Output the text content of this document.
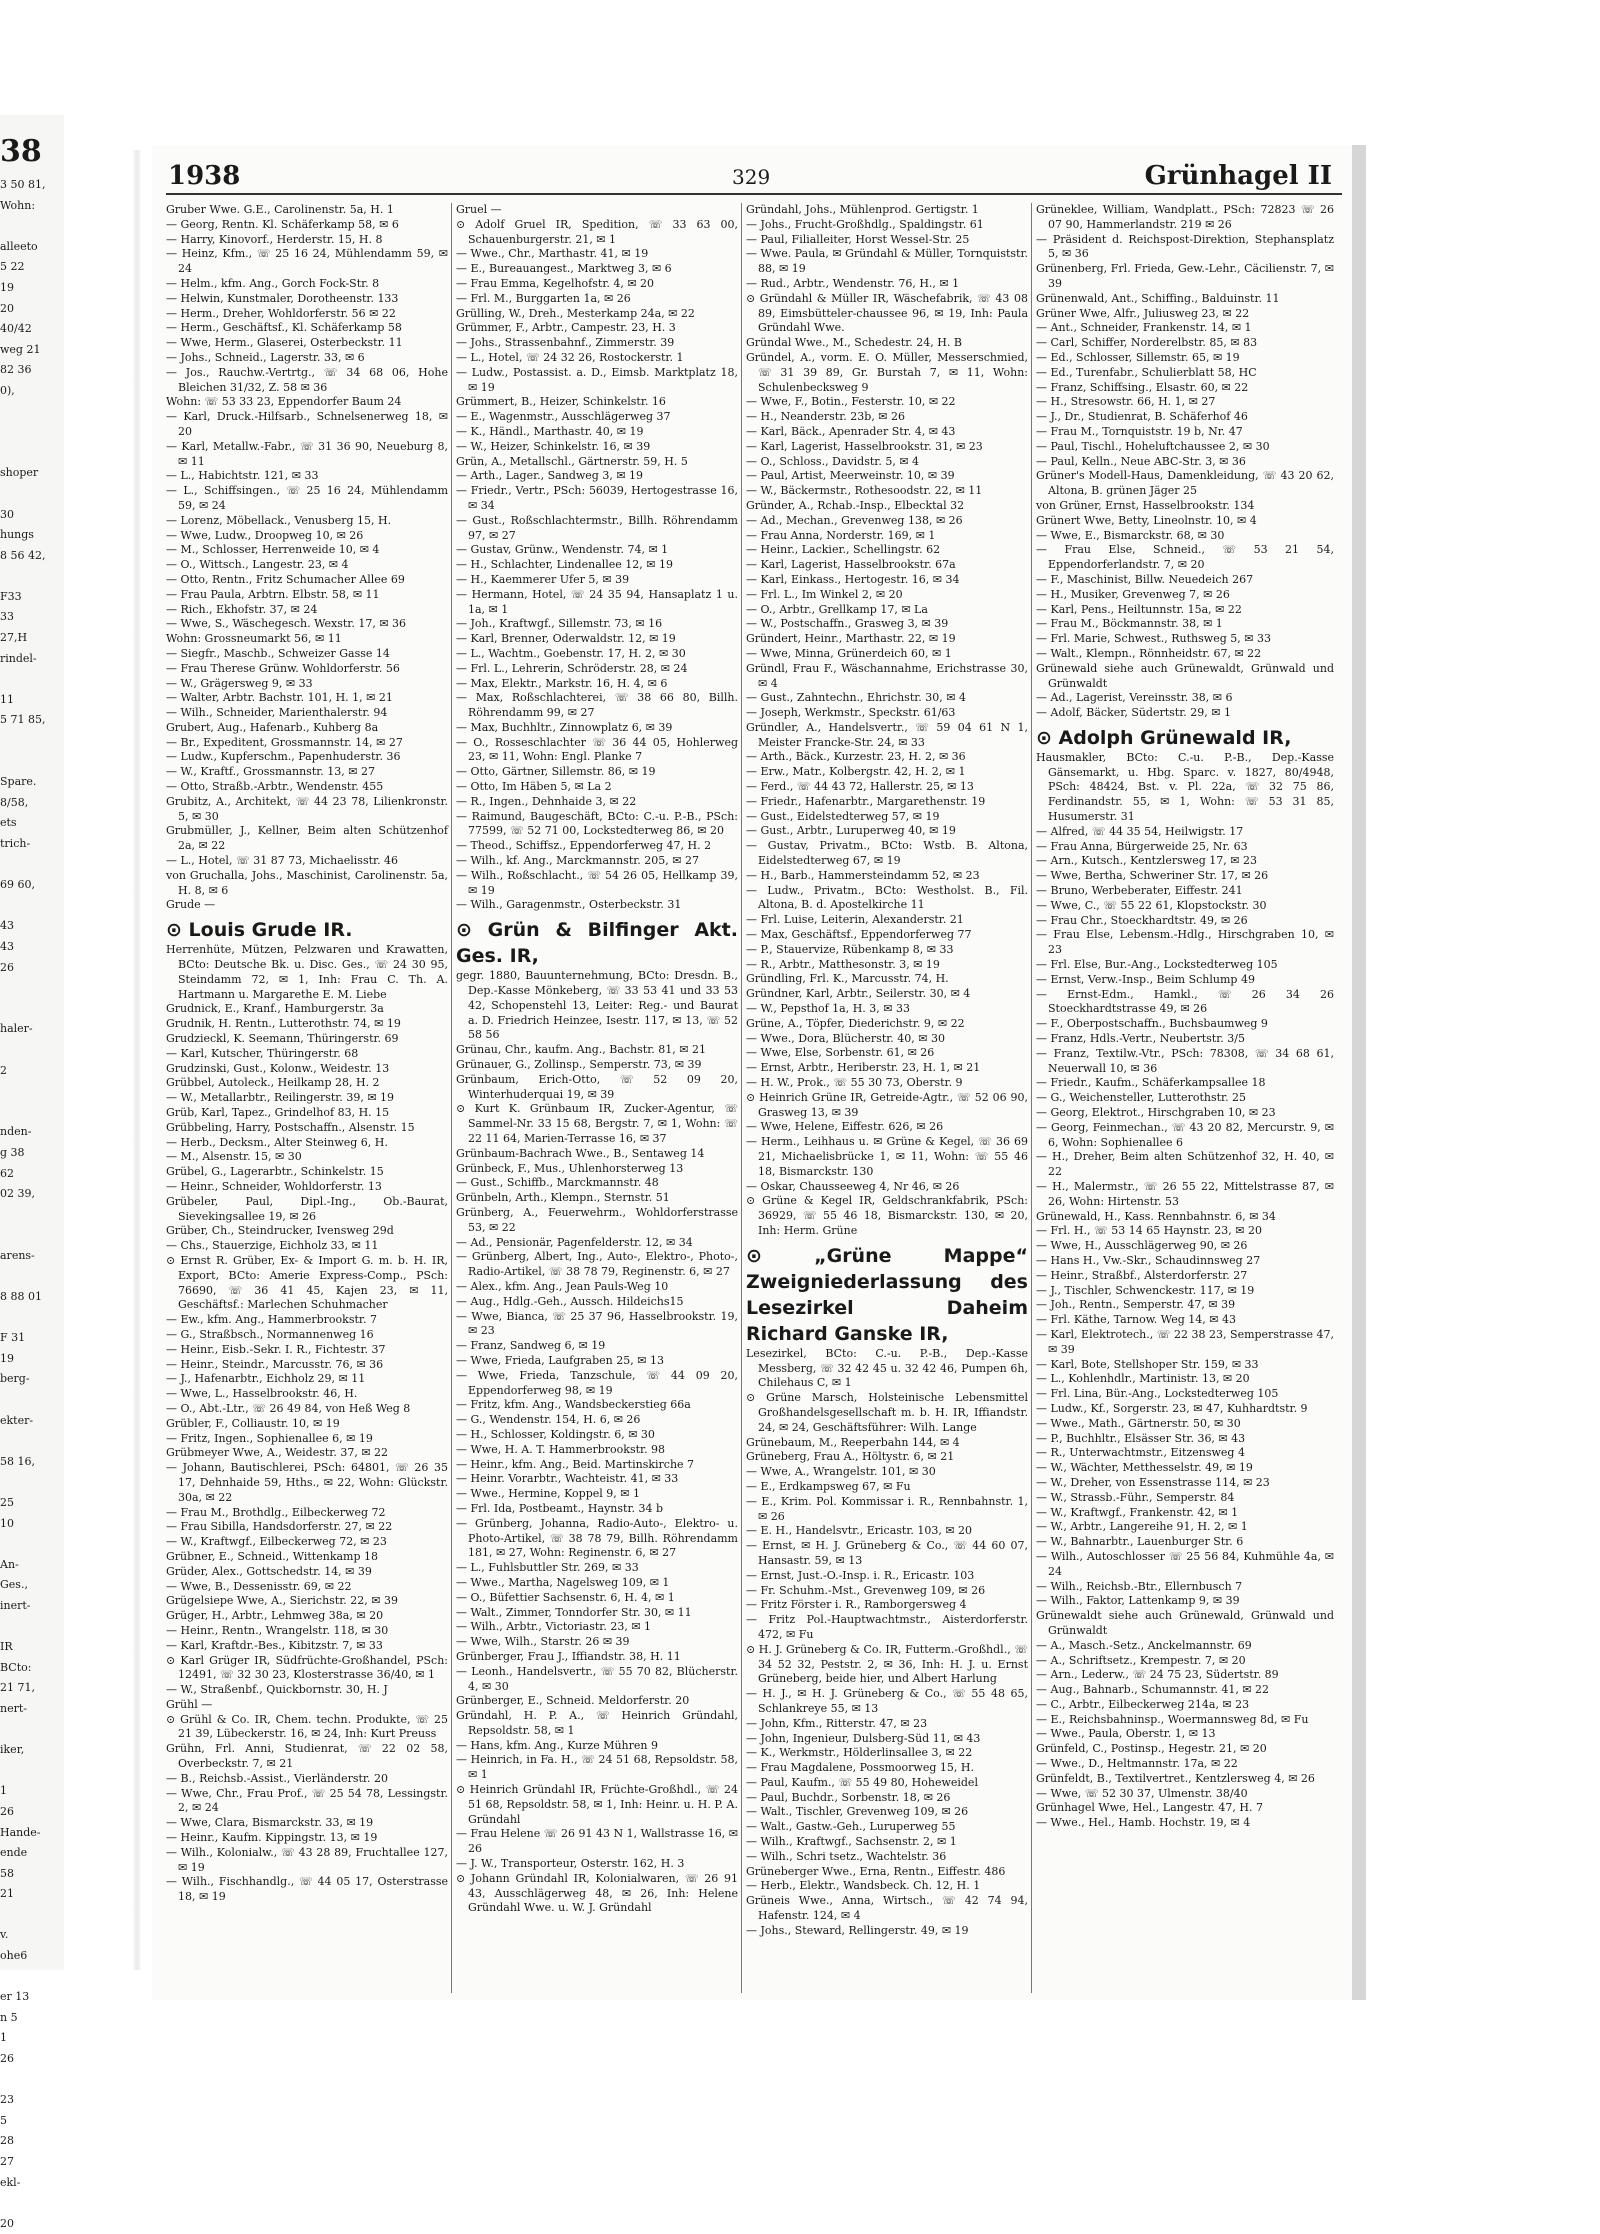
38
3 50 81,
Wohn:

alleeto
5 22
19
20
40/42
weg 21
82 36
0),

shoper

30
hungs
8 56 42,

F33
33
27,H
rindel-

11
5 71 85,

Spare.
8/58,
ets
trich-

69 60,

43
43
26

haler-

2

nden-
g 38
62
02 39,

arens-

8 88 01

F 31
19
berg-

ekter-

58 16,

25
10

An-
Ges.,
inert-

IR
BCto:
21 71,
nert-

iker,

1
26
Hande-
ende
58
21

v.
ohe6

er 13
n 5
1
26

23
5
28
27
ekl-

20
1938	329	Grünhagel II

Gruber Wwe. G.E., Carolinenstr. 5a, H. 1

— Georg, Rentn. Kl. Schäferkamp 58, ✉ 6

— Harry, Kinovorf., Herderstr. 15, H. 8

— Heinz, Kfm., ☏ 25 16 24, Mühlendamm 59, ✉ 24

— Helm., kfm. Ang., Gorch Fock-Str. 8

— Helwin, Kunstmaler, Dorotheenstr. 133

— Herm., Dreher, Wohldorferstr. 56 ✉ 22

— Herm., Geschäftsf., Kl. Schäferkamp 58

— Wwe, Herm., Glaserei, Osterbeckstr. 11

— Johs., Schneid., Lagerstr. 33, ✉ 6

— Jos., Rauchw.-Vertrtg., ☏ 34 68 06, Hohe Bleichen 31/32, Z. 58 ✉ 36

Wohn: ☏ 53 33 23, Eppendorfer Baum 24

— Karl, Druck.-Hilfsarb., Schnelsenerweg 18, ✉ 20

— Karl, Metallw.-Fabr., ☏ 31 36 90, Neueburg 8, ✉ 11

— L., Habichtstr. 121, ✉ 33

— L., Schiffsingen., ☏ 25 16 24, Mühlendamm 59, ✉ 24

— Lorenz, Möbellack., Venusberg 15, H.

— Wwe, Ludw., Droopweg 10, ✉ 26

— M., Schlosser, Herrenweide 10, ✉ 4

— O., Wittsch., Langestr. 23, ✉ 4

— Otto, Rentn., Fritz Schumacher Allee 69

— Frau Paula, Arbtrn. Elbstr. 58, ✉ 11

— Rich., Ekhofstr. 37, ✉ 24

— Wwe, S., Wäschegesch. Wexstr. 17, ✉ 36

Wohn: Grossneumarkt 56, ✉ 11

— Siegfr., Maschb., Schweizer Gasse 14

— Frau Therese Grünw. Wohldorferstr. 56

— W., Grägersweg 9, ✉ 33

— Walter, Arbtr. Bachstr. 101, H. 1, ✉ 21

— Wilh., Schneider, Marienthalerstr. 94

Grubert, Aug., Hafenarb., Kuhberg 8a

— Br., Expeditent, Grossmannstr. 14, ✉ 27

— Ludw., Kupferschm., Papenhuderstr. 36

— W., Kraftf., Grossmannstr. 13, ✉ 27

— Otto, Straßb.-Arbtr., Wendenstr. 455

Grubitz, A., Architekt, ☏ 44 23 78, Lilienkronstr. 5, ✉ 30

Grubmüller, J., Kellner, Beim alten Schützenhof 2a, ✉ 22

— L., Hotel, ☏ 31 87 73, Michaelisstr. 46

von Gruchalla, Johs., Maschinist, Carolinenstr. 5a, H. 8, ✉ 6

Grude —

⊙ Louis Grude IR.

Herrenhüte, Mützen, Pelzwaren und Krawatten, BCto: Deutsche Bk. u. Disc. Ges., ☏ 24 30 95, Steindamm 72, ✉ 1, Inh: Frau C. Th. A. Hartmann u. Margarethe E. M. Liebe

Grudnick, E., Kranf., Hamburgerstr. 3a

Grudnik, H. Rentn., Lutterothstr. 74, ✉ 19

Grudzieckl, K. Seemann, Thüringerstr. 69

— Karl, Kutscher, Thüringerstr. 68

Grudzinski, Gust., Kolonw., Weidestr. 13

Grübbel, Autoleck., Heilkamp 28, H. 2

— W., Metallarbtr., Reilingerstr. 39, ✉ 19

Grüb, Karl, Tapez., Grindelhof 83, H. 15

Grübbeling, Harry, Postschaffn., Alsenstr. 15

— Herb., Decksm., Alter Steinweg 6, H.

— M., Alsenstr. 15, ✉ 30

Grübel, G., Lagerarbtr., Schinkelstr. 15

— Heinr., Schneider, Wohldorferstr. 13

Grübeler, Paul, Dipl.-Ing., Ob.-Baurat, Sievekingsallee 19, ✉ 26

Grüber, Ch., Steindrucker, Ivensweg 29d

— Chs., Stauerzige, Eichholz 33, ✉ 11

⊙ Ernst R. Grüber, Ex- & Import G. m. b. H. IR, Export, BCto: Amerie Express-Comp., PSch: 76690, ☏ 36 41 45, Kajen 23, ✉ 11, Geschäftsf.: Marlechen Schuhmacher

— Ew., kfm. Ang., Hammerbrookstr. 7

— G., Straßbsch., Normannenweg 16

— Heinr., Eisb.-Sekr. I. R., Fichtestr. 37

— Heinr., Steindr., Marcusstr. 76, ✉ 36

— J., Hafenarbtr., Eichholz 29, ✉ 11

— Wwe, L., Hasselbrookstr. 46, H.

— O., Abt.-Ltr., ☏ 26 49 84, von Heß Weg 8

Grübler, F., Colliaustr. 10, ✉ 19

— Fritz, Ingen., Sophienallee 6, ✉ 19

Grübmeyer Wwe, A., Weidestr. 37, ✉ 22

— Johann, Bautischlerei, PSch: 64801, ☏ 26 35 17, Dehnhaide 59, Hths., ✉ 22, Wohn: Glückstr. 30a, ✉ 22

— Frau M., Brothdlg., Eilbeckerweg 72

— Frau Sibilla, Handsdorferstr. 27, ✉ 22

— W., Kraftwgf., Eilbeckerweg 72, ✉ 23

Grübner, E., Schneid., Wittenkamp 18

Grüder, Alex., Gottschedstr. 14, ✉ 39

— Wwe, B., Dessenisstr. 69, ✉ 22

Grügelsiepe Wwe, A., Sierichstr. 22, ✉ 39

Grüger, H., Arbtr., Lehmweg 38a, ✉ 20

— Heinr., Rentn., Wrangelstr. 118, ✉ 30

— Karl, Kraftdr.-Bes., Kibitzstr. 7, ✉ 33

⊙ Karl Grüger IR, Südfrüchte-Großhandel, PSch: 12491, ☏ 32 30 23, Klosterstrasse 36/40, ✉ 1

— W., Straßenbf., Quickbornstr. 30, H. J

Grühl —

⊙ Grühl & Co. IR, Chem. techn. Produkte, ☏ 25 21 39, Lübeckerstr. 16, ✉ 24, Inh: Kurt Preuss

Grühn, Frl. Anni, Studienrat, ☏ 22 02 58, Overbeckstr. 7, ✉ 21

— B., Reichsb.-Assist., Vierländerstr. 20

— Wwe, Chr., Frau Prof., ☏ 25 54 78, Lessingstr. 2, ✉ 24

— Wwe, Clara, Bismarckstr. 33, ✉ 19

— Heinr., Kaufm. Kippingstr. 13, ✉ 19

— Wilh., Kolonialw., ☏ 43 28 89, Fruchtallee 127, ✉ 19

— Wilh., Fischhandlg., ☏ 44 05 17, Osterstrasse 18, ✉ 19

Gruel —

⊙ Adolf Gruel IR, Spedition, ☏ 33 63 00, Schauenburgerstr. 21, ✉ 1

— Wwe., Chr., Marthastr. 41, ✉ 19

— E., Bureauangest., Marktweg 3, ✉ 6

— Frau Emma, Kegelhofstr. 4, ✉ 20

— Frl. M., Burggarten 1a, ✉ 26

Grülling, W., Dreh., Mesterkamp 24a, ✉ 22

Grümmer, F., Arbtr., Campestr. 23, H. 3

— Johs., Strassenbahnf., Zimmerstr. 39

— L., Hotel, ☏ 24 32 26, Rostockerstr. 1

— Ludw., Postassist. a. D., Eimsb. Marktplatz 18, ✉ 19

Grümmert, B., Heizer, Schinkelstr. 16

— E., Wagenmstr., Ausschlägerweg 37

— K., Händl., Marthastr. 40, ✉ 19

— W., Heizer, Schinkelstr. 16, ✉ 39

Grün, A., Metallschl., Gärtnerstr. 59, H. 5

— Arth., Lager., Sandweg 3, ✉ 19

— Friedr., Vertr., PSch: 56039, Hertogestrasse 16, ✉ 34

— Gust., Roßschlachtermstr., Billh. Röhrendamm 97, ✉ 27

— Gustav, Grünw., Wendenstr. 74, ✉ 1

— H., Schlachter, Lindenallee 12, ✉ 19

— H., Kaemmerer Ufer 5, ✉ 39

— Hermann, Hotel, ☏ 24 35 94, Hansaplatz 1 u. 1a, ✉ 1

— Joh., Kraftwgf., Sillemstr. 73, ✉ 16

— Karl, Brenner, Oderwaldstr. 12, ✉ 19

— L., Wachtm., Goebenstr. 17, H. 2, ✉ 30

— Frl. L., Lehrerin, Schröderstr. 28, ✉ 24

— Max, Elektr., Markstr. 16, H. 4, ✉ 6

— Max, Roßschlachterei, ☏ 38 66 80, Billh. Röhrendamm 99, ✉ 27

— Max, Buchhltr., Zinnowplatz 6, ✉ 39

— O., Rosseschlachter ☏ 36 44 05, Hohlerweg 23, ✉ 11, Wohn: Engl. Planke 7

— Otto, Gärtner, Sillemstr. 86, ✉ 19

— Otto, Im Häben 5, ✉ La 2

— R., Ingen., Dehnhaide 3, ✉ 22

— Raimund, Baugeschäft, BCto: C.-u. P.-B., PSch: 77599, ☏ 52 71 00, Lockstedterweg 86, ✉ 20

— Theod., Schiffsz., Eppendorferweg 47, H. 2

— Wilh., kf. Ang., Marckmannstr. 205, ✉ 27

— Wilh., Roßschlacht., ☏ 54 26 05, Hellkamp 39, ✉ 19

— Wilh., Garagenmstr., Osterbeckstr. 31

⊙ Grün & Bilfinger Akt. Ges. IR,

gegr. 1880, Bauunternehmung, BCto: Dresdn. B., Dep.-Kasse Mönkeberg, ☏ 33 53 41 und 33 53 42, Schopenstehl 13, Leiter: Reg.- und Baurat a. D. Friedrich Heinzee, Isestr. 117, ✉ 13, ☏ 52 58 56

Grünau, Chr., kaufm. Ang., Bachstr. 81, ✉ 21

Grünauer, G., Zollinsp., Semperstr. 73, ✉ 39

Grünbaum, Erich-Otto, ☏ 52 09 20, Winterhuderquai 19, ✉ 39

⊙ Kurt K. Grünbaum IR, Zucker-Agentur, ☏ Sammel-Nr. 33 15 68, Bergstr. 7, ✉ 1, Wohn: ☏ 22 11 64, Marien-Terrasse 16, ✉ 37

Grünbaum-Bachrach Wwe., B., Sentaweg 14

Grünbeck, F., Mus., Uhlenhorsterweg 13

— Gust., Schiffb., Marckmannstr. 48

Grünbeln, Arth., Klempn., Sternstr. 51

Grünberg, A., Feuerwehrm., Wohldorferstrasse 53, ✉ 22

— Ad., Pensionär, Pagenfelderstr. 12, ✉ 34

— Grünberg, Albert, Ing., Auto-, Elektro-, Photo-, Radio-Artikel, ☏ 38 78 79, Reginenstr. 6, ✉ 27

— Alex., kfm. Ang., Jean Pauls-Weg 10

— Aug., Hdlg.-Geh., Aussch. Hildeichs15

— Wwe, Bianca, ☏ 25 37 96, Hasselbrookstr. 19, ✉ 23

— Franz, Sandweg 6, ✉ 19

— Wwe, Frieda, Laufgraben 25, ✉ 13

— Wwe, Frieda, Tanzschule, ☏ 44 09 20, Eppendorferweg 98, ✉ 19

— Fritz, kfm. Ang., Wandsbeckerstieg 66a

— G., Wendenstr. 154, H. 6, ✉ 26

— H., Schlosser, Koldingstr. 6, ✉ 30

— Wwe, H. A. T. Hammerbrookstr. 98

— Heinr., kfm. Ang., Beid. Martinskirche 7

— Heinr. Vorarbtr., Wachteistr. 41, ✉ 33

— Wwe., Hermine, Koppel 9, ✉ 1

— Frl. Ida, Postbeamt., Haynstr. 34 b

— Grünberg, Johanna, Radio-Auto-, Elektro- u. Photo-Artikel, ☏ 38 78 79, Billh. Röhrendamm 181, ✉ 27, Wohn: Reginenstr. 6, ✉ 27

— L., Fuhlsbuttler Str. 269, ✉ 33

— Wwe., Martha, Nagelsweg 109, ✉ 1

— O., Büfettier Sachsenstr. 6, H. 4, ✉ 1

— Walt., Zimmer, Tonndorfer Str. 30, ✉ 11

— Wilh., Arbtr., Victoriastr. 23, ✉ 1

— Wwe, Wilh., Starstr. 26 ✉ 39

Grünberger, Frau J., Iffiandstr. 38, H. 11

— Leonh., Handelsvertr., ☏ 55 70 82, Blücherstr. 4, ✉ 30

Grünberger, E., Schneid. Meldorferstr. 20

Gründahl, H. P. A., ☏ Heinrich Gründahl, Repsoldstr. 58, ✉ 1

— Hans, kfm. Ang., Kurze Mühren 9

— Heinrich, in Fa. H., ☏ 24 51 68, Repsoldstr. 58, ✉ 1

⊙ Heinrich Gründahl IR, Früchte-Großhdl., ☏ 24 51 68, Repsoldstr. 58, ✉ 1, Inh: Heinr. u. H. P. A. Gründahl

— Frau Helene ☏ 26 91 43 N 1, Wallstrasse 16, ✉ 26

— J. W., Transporteur, Osterstr. 162, H. 3

⊙ Johann Gründahl IR, Kolonialwaren, ☏ 26 91 43, Ausschlägerweg 48, ✉ 26, Inh: Helene Gründahl Wwe. u. W. J. Gründahl

Gründahl, Johs., Mühlenprod. Gertigstr. 1

— Johs., Frucht-Großhdlg., Spaldingstr. 61

— Paul, Filialleiter, Horst Wessel-Str. 25

— Wwe. Paula, ✉ Gründahl & Müller, Tornquiststr. 88, ✉ 19

— Rud., Arbtr., Wendenstr. 76, H., ✉ 1

⊙ Gründahl & Müller IR, Wäschefabrik, ☏ 43 08 89, Eimsbütteler-chaussee 96, ✉ 19, Inh: Paula Gründahl Wwe.

Gründal Wwe., M., Schedestr. 24, H. B

Gründel, A., vorm. E. O. Müller, Messerschmied, ☏ 31 39 89, Gr. Burstah 7, ✉ 11, Wohn: Schulenbecksweg 9

— Wwe, F., Botin., Festerstr. 10, ✉ 22

— H., Neanderstr. 23b, ✉ 26

— Karl, Bäck., Apenrader Str. 4, ✉ 43

— Karl, Lagerist, Hasselbrookstr. 31, ✉ 23

— O., Schloss., Davidstr. 5, ✉ 4

— Paul, Artist, Meerweinstr. 10, ✉ 39

— W., Bäckermstr., Rothesoodstr. 22, ✉ 11

Gründer, A., Rchab.-Insp., Elbecktal 32

— Ad., Mechan., Grevenweg 138, ✉ 26

— Frau Anna, Norderstr. 169, ✉ 1

— Heinr., Lackier., Schellingstr. 62

— Karl, Lagerist, Hasselbrookstr. 67a

— Karl, Einkass., Hertogestr. 16, ✉ 34

— Frl. L., Im Winkel 2, ✉ 20

— O., Arbtr., Grellkamp 17, ✉ La

— W., Postschaffn., Grasweg 3, ✉ 39

Gründert, Heinr., Marthastr. 22, ✉ 19

— Wwe, Minna, Grünerdeich 60, ✉ 1

Gründl, Frau F., Wäschannahme, Erichstrasse 30, ✉ 4

— Gust., Zahntechn., Ehrichstr. 30, ✉ 4

— Joseph, Werkmstr., Speckstr. 61/63

Gründler, A., Handelsvertr., ☏ 59 04 61 N 1, Meister Francke-Str. 24, ✉ 33

— Arth., Bäck., Kurzestr. 23, H. 2, ✉ 36

— Erw., Matr., Kolbergstr. 42, H. 2, ✉ 1

— Ferd., ☏ 44 43 72, Hallerstr. 25, ✉ 13

— Friedr., Hafenarbtr., Margarethenstr. 19

— Gust., Eidelstedterweg 57, ✉ 19

— Gust., Arbtr., Luruperweg 40, ✉ 19

— Gustav, Privatm., BCto: Wstb. B. Altona, Eidelstedterweg 67, ✉ 19

— H., Barb., Hammersteindamm 52, ✉ 23

— Ludw., Privatm., BCto: Westholst. B., Fil. Altona, B. d. Apostelkirche 11

— Frl. Luise, Leiterin, Alexanderstr. 21

— Max, Geschäftsf., Eppendorferweg 77

— P., Stauervize, Rübenkamp 8, ✉ 33

— R., Arbtr., Matthesonstr. 3, ✉ 19

Gründling, Frl. K., Marcusstr. 74, H.

Gründner, Karl, Arbtr., Seilerstr. 30, ✉ 4

— W., Pepsthof 1a, H. 3, ✉ 33

Grüne, A., Töpfer, Diederichstr. 9, ✉ 22

— Wwe., Dora, Blücherstr. 40, ✉ 30

— Wwe, Else, Sorbenstr. 61, ✉ 26

— Ernst, Arbtr., Heriberstr. 23, H. 1, ✉ 21

— H. W., Prok., ☏ 55 30 73, Oberstr. 9

⊙ Heinrich Grüne IR, Getreide-Agtr., ☏ 52 06 90, Grasweg 13, ✉ 39

— Wwe, Helene, Eiffestr. 626, ✉ 26

— Herm., Leihhaus u. ✉ Grüne & Kegel, ☏ 36 69 21, Michaelisbrücke 1, ✉ 11, Wohn: ☏ 55 46 18, Bismarckstr. 130

— Oskar, Chausseeweg 4, Nr 46, ✉ 26

⊙ Grüne & Kegel IR, Geldschrankfabrik, PSch: 36929, ☏ 55 46 18, Bismarckstr. 130, ✉ 20, Inh: Herm. Grüne

⊙ „Grüne Mappe“ Zweigniederlassung des Lesezirkel Daheim Richard Ganske IR,

Lesezirkel, BCto: C.-u. P.-B., Dep.-Kasse Messberg, ☏ 32 42 45 u. 32 42 46, Pumpen 6h, Chilehaus C, ✉ 1

⊙ Grüne Marsch, Holsteinische Lebensmittel Großhandelsgesellschaft m. b. H. IR, Iffiandstr. 24, ✉ 24, Geschäftsführer: Wilh. Lange

Grünebaum, M., Reeperbahn 144, ✉ 4

Grüneberg, Frau A., Höltystr. 6, ✉ 21

— Wwe, A., Wrangelstr. 101, ✉ 30

— E., Erdkampsweg 67, ✉ Fu

— E., Krim. Pol. Kommissar i. R., Rennbahnstr. 1, ✉ 26

— E. H., Handelsvtr., Ericastr. 103, ✉ 20

— Ernst, ✉ H. J. Grüneberg & Co., ☏ 44 60 07, Hansastr. 59, ✉ 13

— Ernst, Just.-O.-Insp. i. R., Ericastr. 103

— Fr. Schuhm.-Mst., Grevenweg 109, ✉ 26

— Fritz Förster i. R., Ramborgersweg 4

— Fritz Pol.-Hauptwachtmstr., Aisterdorferstr. 472, ✉ Fu

⊙ H. J. Grüneberg & Co. IR, Futterm.-Großhdl., ☏ 34 52 32, Peststr. 2, ✉ 36, Inh: H. J. u. Ernst Grüneberg, beide hier, und Albert Harlung

— H. J., ✉ H. J. Grüneberg & Co., ☏ 55 48 65, Schlankreye 55, ✉ 13

— John, Kfm., Ritterstr. 47, ✉ 23

— John, Ingenieur, Dulsberg-Süd 11, ✉ 43

— K., Werkmstr., Hölderlinsallee 3, ✉ 22

— Frau Magdalene, Possmoorweg 15, H.

— Paul, Kaufm., ☏ 55 49 80, Hoheweidel

— Paul, Buchdr., Sorbenstr. 18, ✉ 26

— Walt., Tischler, Grevenweg 109, ✉ 26

— Walt., Gastw.-Geh., Luruperweg 55

— Wilh., Kraftwgf., Sachsenstr. 2, ✉ 1

— Wilh., Schri tsetz., Wachtelstr. 36

Grüneberger Wwe., Erna, Rentn., Eiffestr. 486

— Herb., Elektr., Wandsbeck. Ch. 12, H. 1

Grüneis Wwe., Anna, Wirtsch., ☏ 42 74 94, Hafenstr. 124, ✉ 4

— Johs., Steward, Rellingerstr. 49, ✉ 19

Grüneklee, William, Wandplatt., PSch: 72823 ☏ 26 07 90, Hammerlandstr. 219 ✉ 26

— Präsident d. Reichspost-Direktion, Stephansplatz 5, ✉ 36

Grünenberg, Frl. Frieda, Gew.-Lehr., Cäcilienstr. 7, ✉ 39

Grünenwald, Ant., Schiffing., Balduinstr. 11

Grüner Wwe, Alfr., Juliusweg 23, ✉ 22

— Ant., Schneider, Frankenstr. 14, ✉ 1

— Carl, Schiffer, Norderelbstr. 85, ✉ 83

— Ed., Schlosser, Sillemstr. 65, ✉ 19

— Ed., Turenfabr., Schulierblatt 58, HC

— Franz, Schiffsing., Elsastr. 60, ✉ 22

— H., Stresowstr. 66, H. 1, ✉ 27

— J., Dr., Studienrat, B. Schäferhof 46

— Frau M., Tornquiststr. 19 b, Nr. 47

— Paul, Tischl., Hoheluftchaussee 2, ✉ 30

— Paul, Kelln., Neue ABC-Str. 3, ✉ 36

Grüner's Modell-Haus, Damenkleidung, ☏ 43 20 62, Altona, B. grünen Jäger 25

von Grüner, Ernst, Hasselbrookstr. 134

Grünert Wwe, Betty, Lineolnstr. 10, ✉ 4

— Wwe, E., Bismarckstr. 68, ✉ 30

— Frau Else, Schneid., ☏ 53 21 54, Eppendorferlandstr. 7, ✉ 20

— F., Maschinist, Billw. Neuedeich 267

— H., Musiker, Grevenweg 7, ✉ 26

— Karl, Pens., Heiltunnstr. 15a, ✉ 22

— Frau M., Böckmannstr. 38, ✉ 1

— Frl. Marie, Schwest., Ruthsweg 5, ✉ 33

— Walt., Klempn., Rönnheidstr. 67, ✉ 22

Grünewald siehe auch Grünewaldt, Grünwald und Grünwaldt

— Ad., Lagerist, Vereinsstr. 38, ✉ 6

— Adolf, Bäcker, Südertstr. 29, ✉ 1

⊙ Adolph Grünewald IR,

Hausmakler, BCto: C.-u. P.-B., Dep.-Kasse Gänsemarkt, u. Hbg. Sparc. v. 1827, 80/4948, PSch: 48424, Bst. v. Pl. 22a, ☏ 32 75 86, Ferdinandstr. 55, ✉ 1, Wohn: ☏ 53 31 85, Husumerstr. 31

— Alfred, ☏ 44 35 54, Heilwigstr. 17

— Frau Anna, Bürgerweide 25, Nr. 63

— Arn., Kutsch., Kentzlersweg 17, ✉ 23

— Wwe, Bertha, Schweriner Str. 17, ✉ 26

— Bruno, Werbeberater, Eiffestr. 241

— Wwe, C., ☏ 55 22 61, Klopstockstr. 30

— Frau Chr., Stoeckhardtstr. 49, ✉ 26

— Frau Else, Lebensm.-Hdlg., Hirschgraben 10, ✉ 23

— Frl. Else, Bur.-Ang., Lockstedterweg 105

— Ernst, Verw.-Insp., Beim Schlump 49

— Ernst-Edm., Hamkl., ☏ 26 34 26 Stoeckhardtstrasse 49, ✉ 26

— F., Oberpostschaffn., Buchsbaumweg 9

— Franz, Hdls.-Vertr., Neubertstr. 3/5

— Franz, Textilw.-Vtr., PSch: 78308, ☏ 34 68 61, Neuerwall 10, ✉ 36

— Friedr., Kaufm., Schäferkampsallee 18

— G., Weichensteller, Lutterothstr. 25

— Georg, Elektrot., Hirschgraben 10, ✉ 23

— Georg, Feinmechan., ☏ 43 20 82, Mercurstr. 9, ✉ 6, Wohn: Sophienallee 6

— H., Dreher, Beim alten Schützenhof 32, H. 40, ✉ 22

— H., Malermstr., ☏ 26 55 22, Mittelstrasse 87, ✉ 26, Wohn: Hirtenstr. 53

Grünewald, H., Kass. Rennbahnstr. 6, ✉ 34

— Frl. H., ☏ 53 14 65 Haynstr. 23, ✉ 20

— Wwe, H., Ausschlägerweg 90, ✉ 26

— Hans H., Vw.-Skr., Schaudinnsweg 27

— Heinr., Straßbf., Alsterdorferstr. 27

— J., Tischler, Schwenckestr. 117, ✉ 19

— Joh., Rentn., Semperstr. 47, ✉ 39

— Frl. Käthe, Tarnow. Weg 14, ✉ 43

— Karl, Elektrotech., ☏ 22 38 23, Semperstrasse 47, ✉ 39

— Karl, Bote, Stellshoper Str. 159, ✉ 33

— L., Kohlenhdlr., Martinistr. 13, ✉ 20

— Frl. Lina, Bür.-Ang., Lockstedterweg 105

— Ludw., Kf., Sorgerstr. 23, ✉ 47, Kuhhardtstr. 9

— Wwe., Math., Gärtnerstr. 50, ✉ 30

— P., Buchhltr., Elsässer Str. 36, ✉ 43

— R., Unterwachtmstr., Eitzensweg 4

— W., Wächter, Metthesselstr. 49, ✉ 19

— W., Dreher, von Essenstrasse 114, ✉ 23

— W., Strassb.-Führ., Semperstr. 84

— W., Kraftwgf., Frankenstr. 42, ✉ 1

— W., Arbtr., Langereihe 91, H. 2, ✉ 1

— W., Bahnarbtr., Lauenburger Str. 6

— Wilh., Autoschlosser ☏ 25 56 84, Kuhmühle 4a, ✉ 24

— Wilh., Reichsb.-Btr., Ellernbusch 7

— Wilh., Faktor, Lattenkamp 9, ✉ 39

Grünewaldt siehe auch Grünewald, Grünwald und Grünwaldt

— A., Masch.-Setz., Anckelmannstr. 69

— A., Schriftsetz., Krempestr. 7, ✉ 20

— Arn., Lederw., ☏ 24 75 23, Südertstr. 89

— Aug., Bahnarb., Schumannstr. 41, ✉ 22

— C., Arbtr., Eilbeckerweg 214a, ✉ 23

— E., Reichsbahninsp., Woermannsweg 8d, ✉ Fu

— Wwe., Paula, Oberstr. 1, ✉ 13

Grünfeld, C., Postinsp., Hegestr. 21, ✉ 20

— Wwe., D., Heltmannstr. 17a, ✉ 22

Grünfeldt, B., Textilvertret., Kentzlersweg 4, ✉ 26

— Wwe, ☏ 52 30 37, Ulmenstr. 38/40

Grünhagel Wwe, Hel., Langestr. 47, H. 7

— Wwe., Hel., Hamb. Hochstr. 19, ✉ 4
